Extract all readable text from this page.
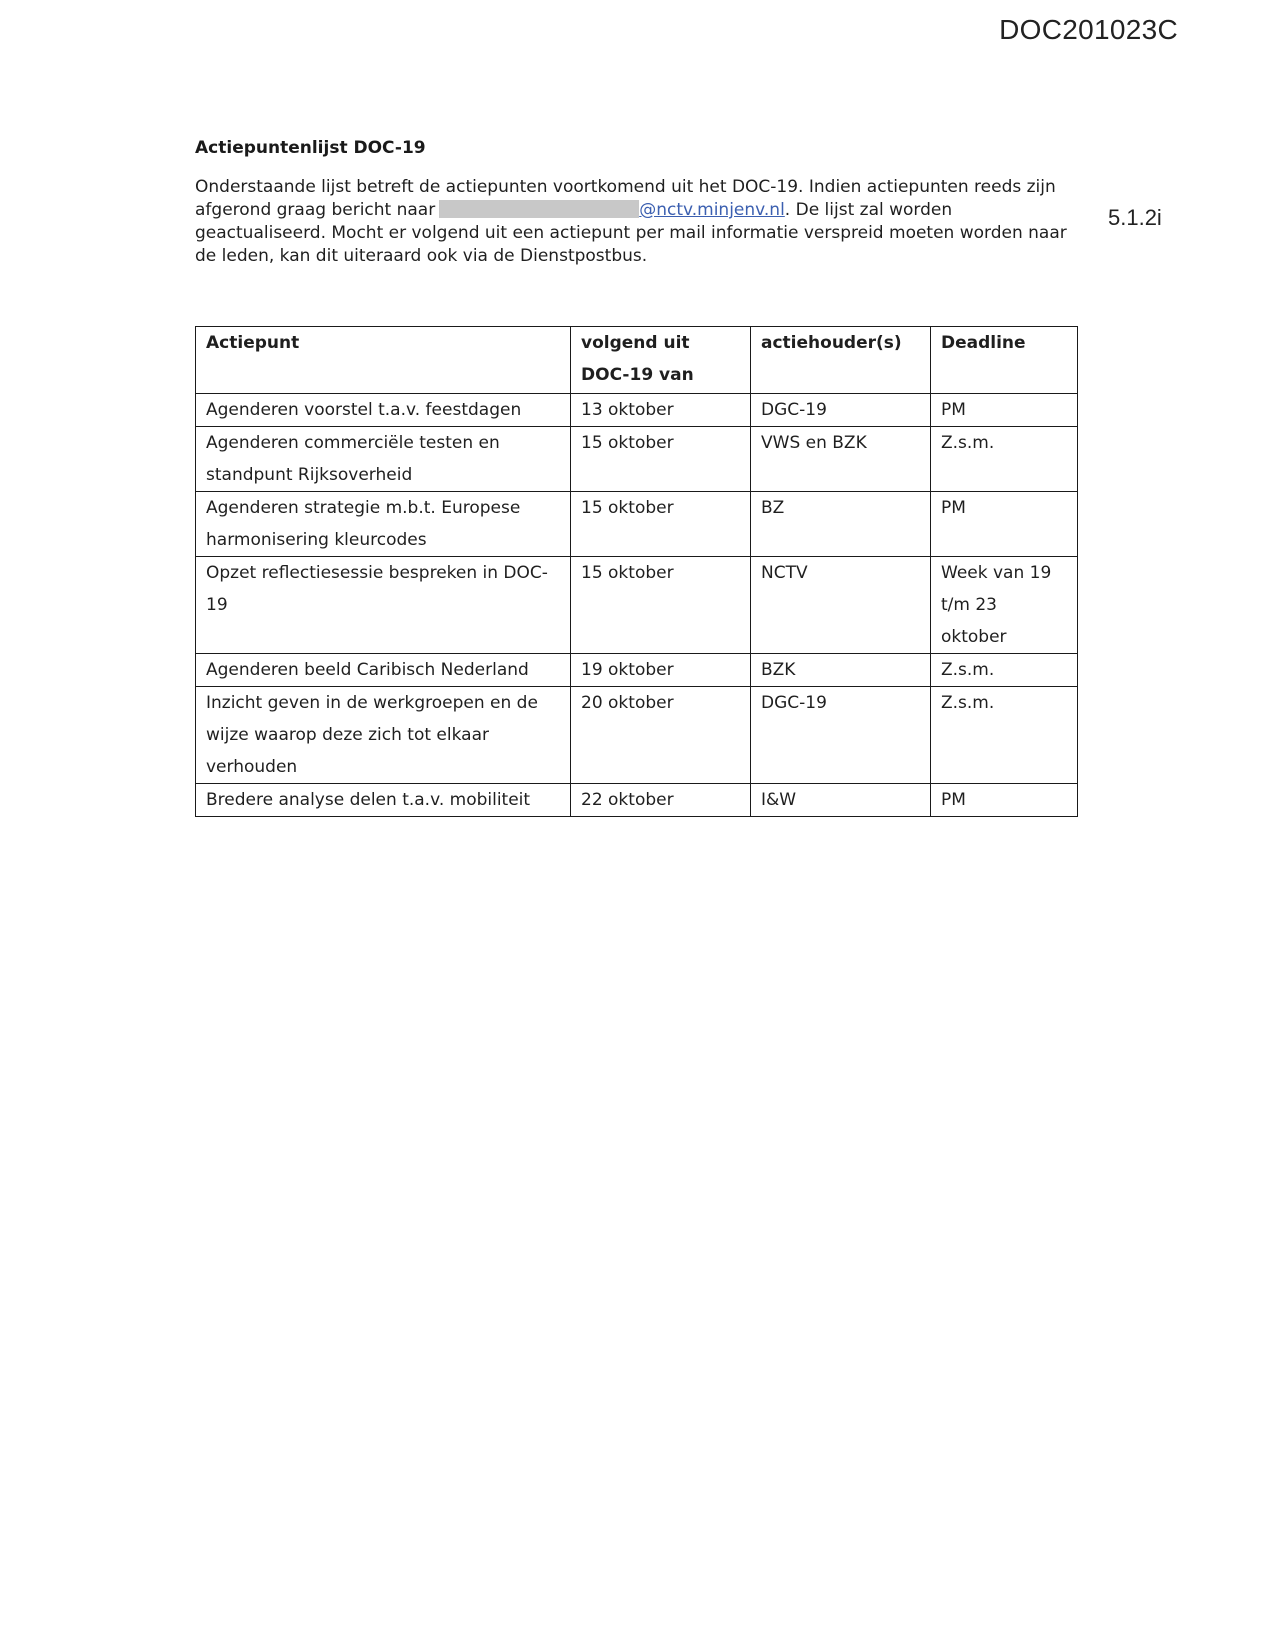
DOC201023C
5.1.2i
Actiepuntenlijst DOC-19
Onderstaande lijst betreft de actiepunten voortkomend uit het DOC-19. Indien actiepunten reeds zijn afgerond graag bericht naar	@nctv.minjenv.nl. De lijst zal worden geactualiseerd. Mocht er volgend uit een actiepunt per mail informatie verspreid moeten worden naar de leden, kan dit uiteraard ook via de Dienstpostbus.
Actiepunt	volgend uit DOC-19 van	actiehouder(s)	Deadline
Agenderen voorstel t.a.v. feestdagen	13 oktober	DGC-19	PM
Agenderen commerciële testen en standpunt Rijksoverheid	15 oktober	VWS en BZK	Z.s.m.
Agenderen strategie m.b.t. Europese harmonisering kleurcodes	15 oktober	BZ	PM
Opzet reflectiesessie bespreken in DOC-19	15 oktober	NCTV	Week van 19 t/m 23 oktober
Agenderen beeld Caribisch Nederland	19 oktober	BZK	Z.s.m.
Inzicht geven in de werkgroepen en de wijze waarop deze zich tot elkaar verhouden	20 oktober	DGC-19	Z.s.m.
Bredere analyse delen t.a.v. mobiliteit	22 oktober	I&W	PM
